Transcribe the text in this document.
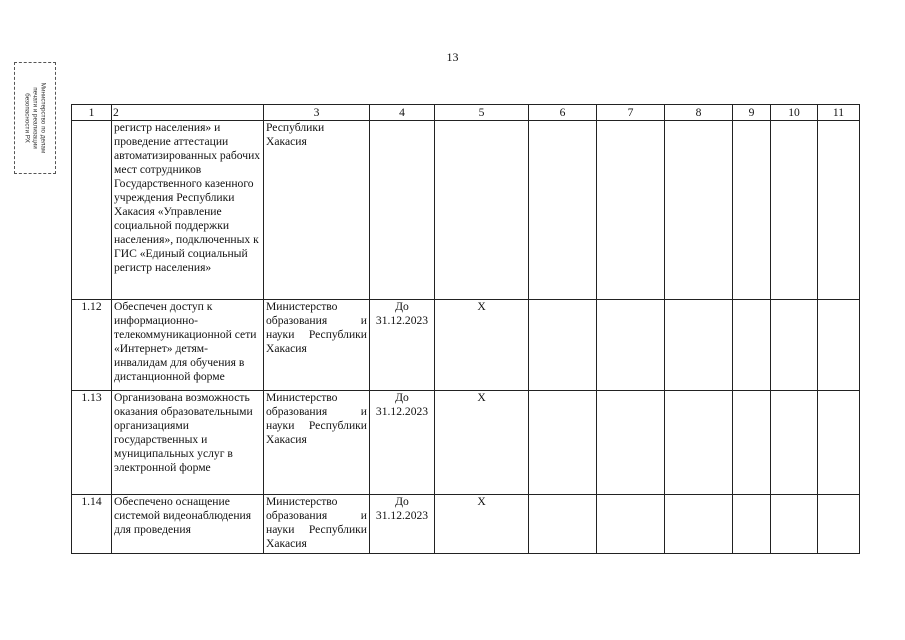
13
Министерство по делам
печати и реализации
безопасности РХ	1	2	3	4	5	6	7	8	9	10	11
	регистр населения» и проведение аттестации автоматизированных рабочих мест сотрудников Государственного казенного учреждения Республики Хакасия «Управление социальной поддержки населения», подключенных к ГИС «Единый социальный регистр населения»	Республики Хакасия								
1.12	Обеспечен доступ к информационно-телекоммуникационной сети «Интернет» детям-инвалидам для обучения в дистанционной форме	Министерство образования и науки Республики Хакасия	До 31.12.2023	X						
1.13	Организована возможность оказания образовательными организациями государственных и муниципальных услуг в электронной форме	Министерство образования и науки Республики Хакасия	До 31.12.2023	X						
1.14	Обеспечено оснащение системой видеонаблюдения для проведения	Министерство образования и науки Республики Хакасия	До 31.12.2023	X						
